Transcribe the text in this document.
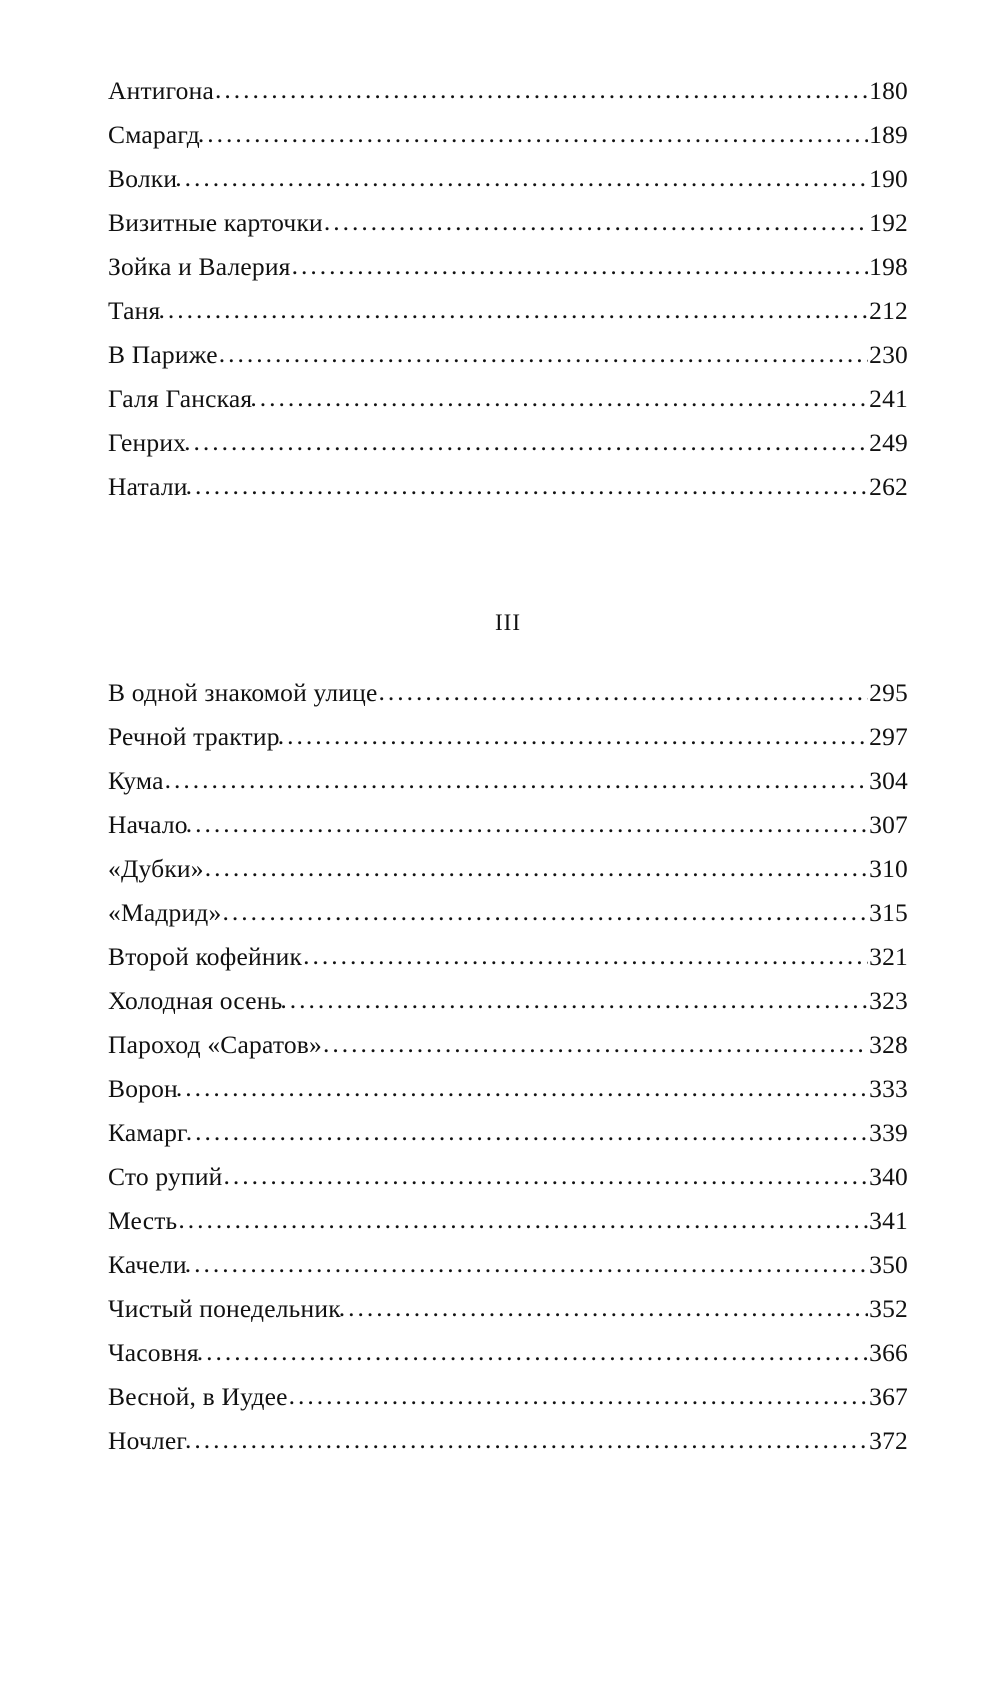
Антигона .....	180
Смарагд .....	189
Волки .....	190
Визитные карточки .....	192
Зойка и Валерия .....	198
Таня .....	212
В Париже .....	230
Галя Ганская .....	241
Генрих .....	249
Натали .....	262
III
В одной знакомой улице .....	295
Речной трактир .....	297
Кума .....	304
Начало .....	307
«Дубки» .....	310
«Мадрид» .....	315
Второй кофейник .....	321
Холодная осень .....	323
Пароход «Саратов» .....	328
Ворон .....	333
Камарг .....	339
Сто рупий .....	340
Месть .....	341
Качели .....	350
Чистый понедельник .....	352
Часовня .....	366
Весной, в Иудее .....	367
Ночлег .....	372
